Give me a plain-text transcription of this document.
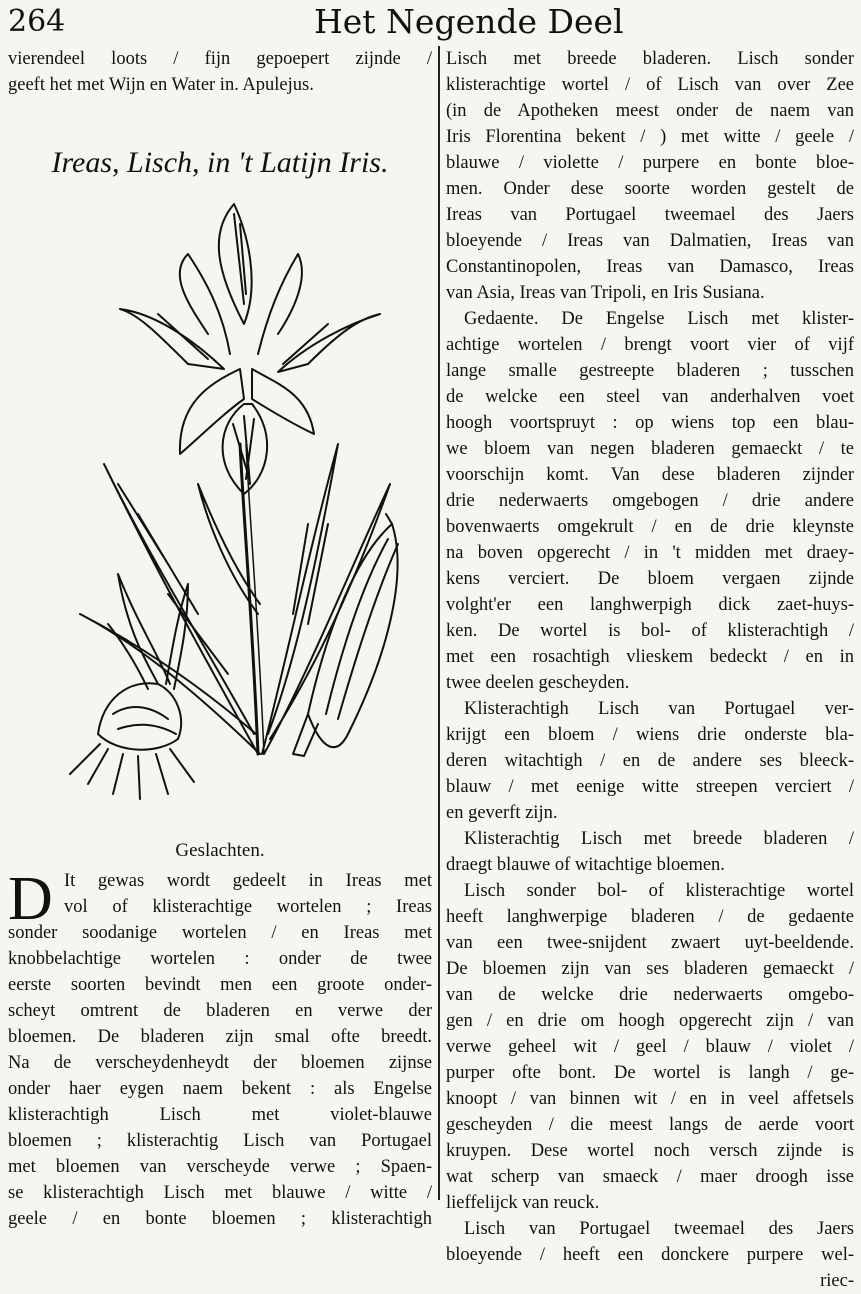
264	Het Negende Deel
vierendeel loots / fijn gepoepert zijnde /
geeft het met Wijn en Water in. Apulejus.
Ireas, Lisch, in 't Latijn Iris.
Geslachten.
D It gewas wordt gedeelt in Ireas met
vol of klisterachtige wortelen ; Ireas
sonder soodanige wortelen / en Ireas met
knobbelachtige wortelen : onder de twee
eerste soorten bevindt men een groote onder-
scheyt omtrent de bladeren en verwe der
bloemen. De bladeren zijn smal ofte breedt.
Na de verscheydenheydt der bloemen zijnse
onder haer eygen naem bekent : als Engelse
klisterachtigh Lisch met violet-blauwe
bloemen ; klisterachtig Lisch van Portugael
met bloemen van verscheyde verwe ; Spaen-
se klisterachtigh Lisch met blauwe / witte /
geele / en bonte bloemen ; klisterachtigh
Lisch met breede bladeren. Lisch sonder
klisterachtige wortel / of Lisch van over Zee
(in de Apotheken meest onder de naem van
Iris Florentina bekent / ) met witte / geele /
blauwe / violette / purpere en bonte bloe-
men. Onder dese soorte worden gestelt de
Ireas van Portugael tweemael des Jaers
bloeyende / Ireas van Dalmatien, Ireas van
Constantinopolen, Ireas van Damasco, Ireas
van Asia, Ireas van Tripoli, en Iris Susiana.
Gedaente. De Engelse Lisch met klister-
achtige wortelen / brengt voort vier of vijf
lange smalle gestreepte bladeren ; tusschen
de welcke een steel van anderhalven voet
hoogh voortspruyt : op wiens top een blau-
we bloem van negen bladeren gemaeckt / te
voorschijn komt. Van dese bladeren zijnder
drie nederwaerts omgebogen / drie andere
bovenwaerts omgekrult / en de drie kleynste
na boven opgerecht / in 't midden met draey-
kens verciert. De bloem vergaen zijnde
volght'er een langhwerpigh dick zaet-huys-
ken. De wortel is bol- of klisterachtigh /
met een rosachtigh vlieskem bedeckt / en in
twee deelen gescheyden.
Klisterachtigh Lisch van Portugael ver-
krijgt een bloem / wiens drie onderste bla-
deren witachtigh / en de andere ses bleeck-
blauw / met eenige witte streepen verciert /
en geverft zijn.
Klisterachtig Lisch met breede bladeren /
draegt blauwe of witachtige bloemen.
Lisch sonder bol- of klisterachtige wortel
heeft langhwerpige bladeren / de gedaente
van een twee-snijdent zwaert uyt-beeldende.
De bloemen zijn van ses bladeren gemaeckt /
van de welcke drie nederwaerts omgebo-
gen / en drie om hoogh opgerecht zijn / van
verwe geheel wit / geel / blauw / violet /
purper ofte bont. De wortel is langh / ge-
knoopt / van binnen wit / en in veel affetsels
gescheyden / die meest langs de aerde voort
kruypen. Dese wortel noch versch zijnde is
wat scherp van smaeck / maer droogh isse
lieffelijck van reuck.
Lisch van Portugael tweemael des Jaers
bloeyende / heeft een donckere purpere wel-
riec-
